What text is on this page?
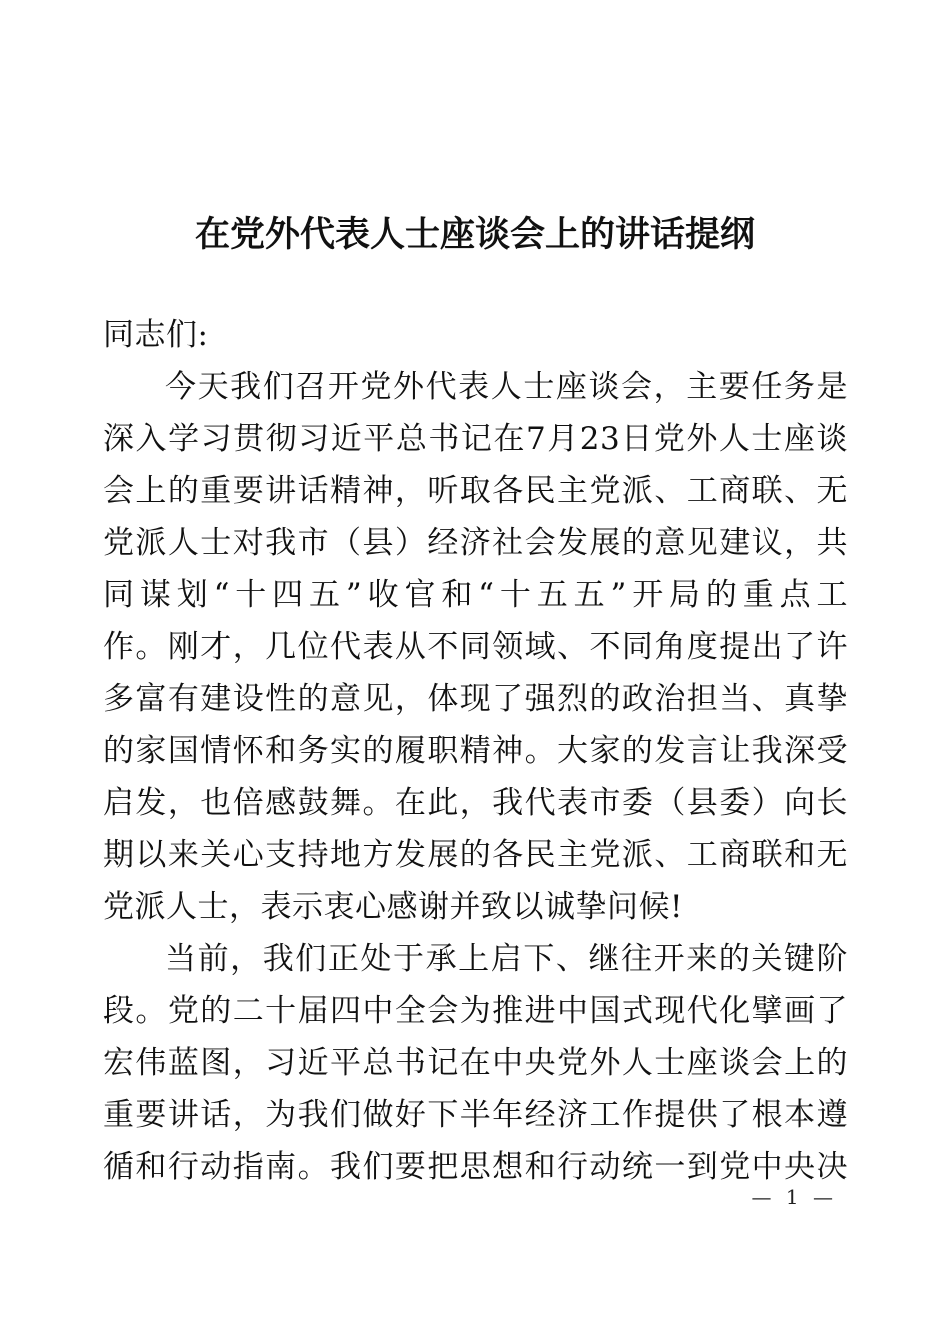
在党外代表人士座谈会上的讲话提纲
同志们:
今天我们召开党外代表人士座谈会，主要任务是
深入学习贯彻习近平总书记在7月23日党外人士座谈
会上的重要讲话精神，听取各民主党派、工商联、无
党派人士对我市（县）经济社会发展的意见建议，共
同谋划“十四五”收官和“十五五”开局的重点工
作。刚才，几位代表从不同领域、不同角度提出了许
多富有建设性的意见，体现了强烈的政治担当、真挚
的家国情怀和务实的履职精神。大家的发言让我深受
启发，也倍感鼓舞。在此，我代表市委（县委）向长
期以来关心支持地方发展的各民主党派、工商联和无
党派人士，表示衷心感谢并致以诚挚问候!
当前，我们正处于承上启下、继往开来的关键阶
段。党的二十届四中全会为推进中国式现代化擘画了
宏伟蓝图，习近平总书记在中央党外人士座谈会上的
重要讲话，为我们做好下半年经济工作提供了根本遵
循和行动指南。我们要把思想和行动统一到党中央决
— 1 —
